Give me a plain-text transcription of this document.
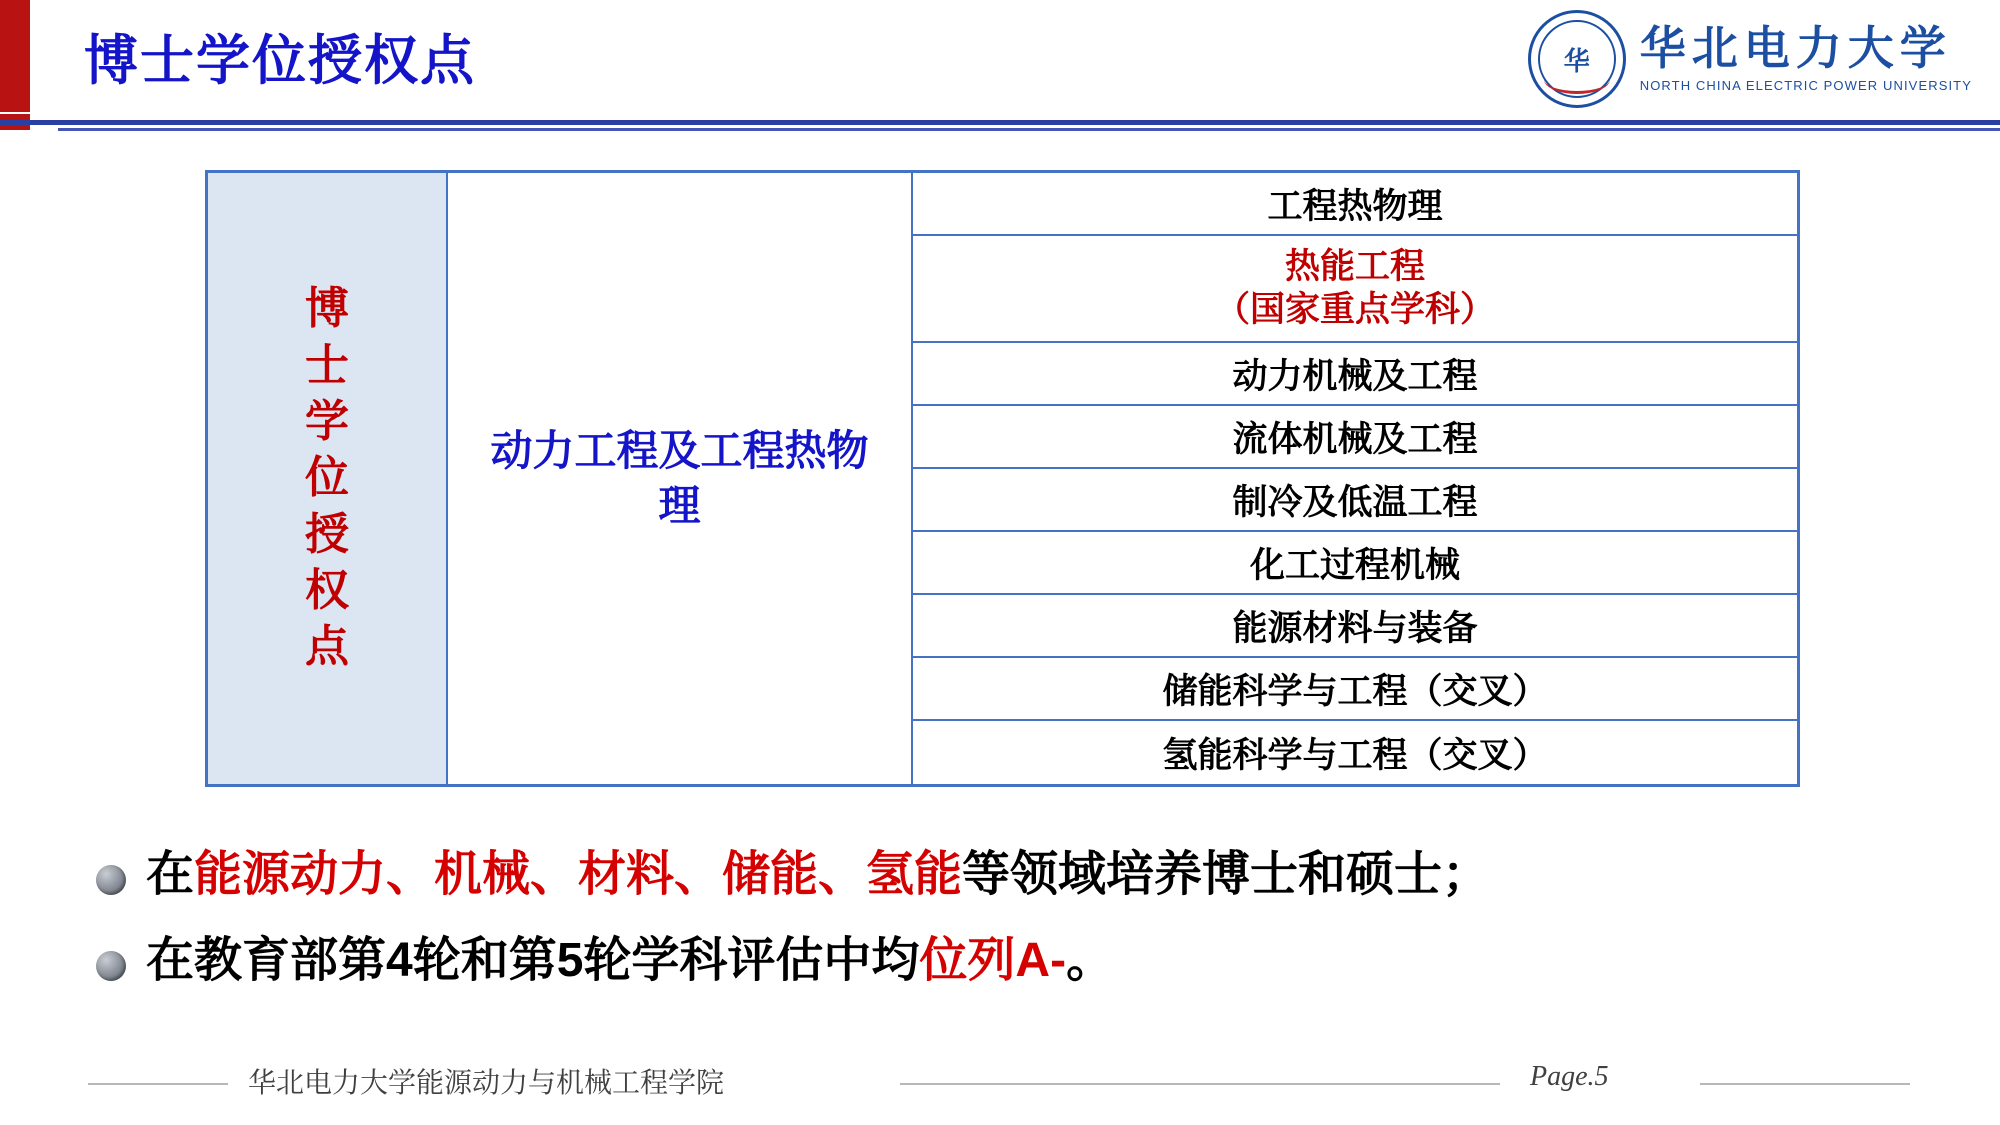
博士学位授权点	华 华北电力大学
NORTH CHINA ELECTRIC POWER UNIVERSITY
博
士
学
位
授
权
点
动力工程及工程热物理
工程热物理
热能工程
（国家重点学科）
动力机械及工程
流体机械及工程
制冷及低温工程
化工过程机械
能源材料与装备
储能科学与工程（交叉）
氢能科学与工程（交叉）
在能源动力、机械、材料、储能、氢能等领域培养博士和硕士；
在教育部第4轮和第5轮学科评估中均位列A-。
华北电力大学能源动力与机械工程学院	Page.5
